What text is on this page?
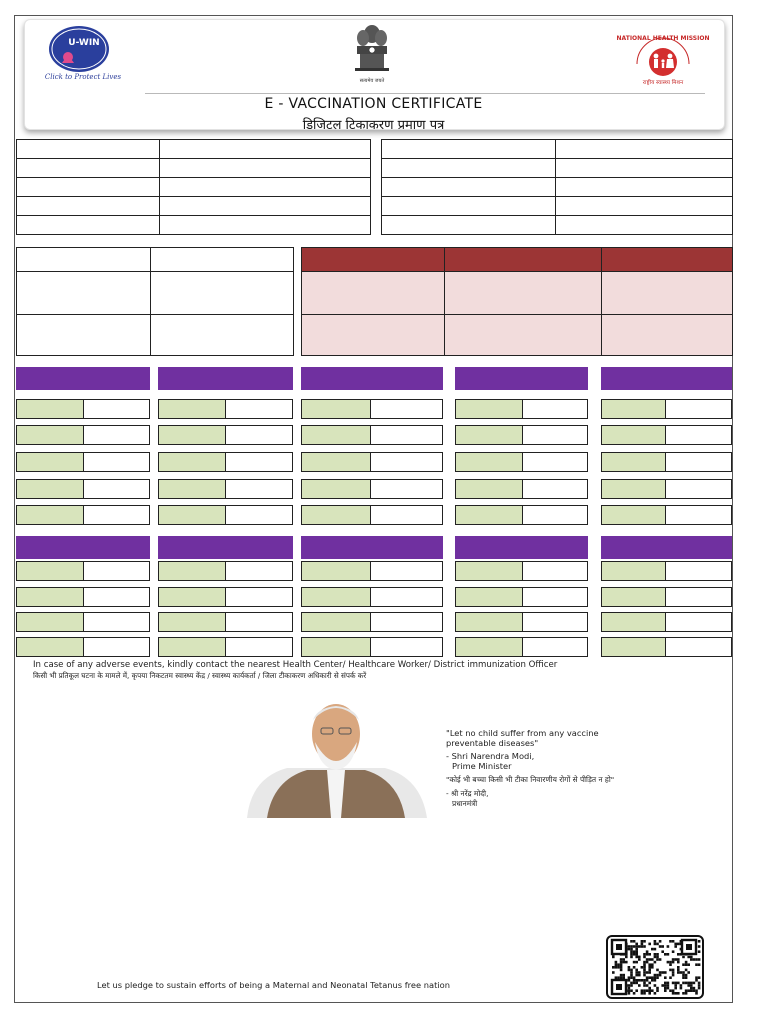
U-WIN
Click to Protect Lives	सत्यमेव जयते
NATIONAL HEALTH MISSION
राष्ट्रीय स्वास्थ्य मिशन
E - VACCINATION CERTIFICATE
डिजिटल टिकाकरण प्रमाण पत्र

In case of any adverse events, kindly contact the nearest Health Center/ Healthcare Worker/ District immunization Officer
किसी भी प्रतिकूल घटना के मामले में, कृपया निकटतम स्वास्थ्य केंद्र / स्वास्थ्य कार्यकर्ता / जिला टीकाकरण अधिकारी से संपर्क करें
"Let no child suffer from any vaccine
preventable diseases"
- Shri Narendra Modi,
Prime Minister
"कोई भी बच्चा किसी भी टीका निवारणीय रोगों से पीड़ित न हो"
- श्री नरेंद्र मोदी,
प्रधानमंत्री
Let us pledge to sustain efforts of being a Maternal and Neonatal Tetanus free nation
